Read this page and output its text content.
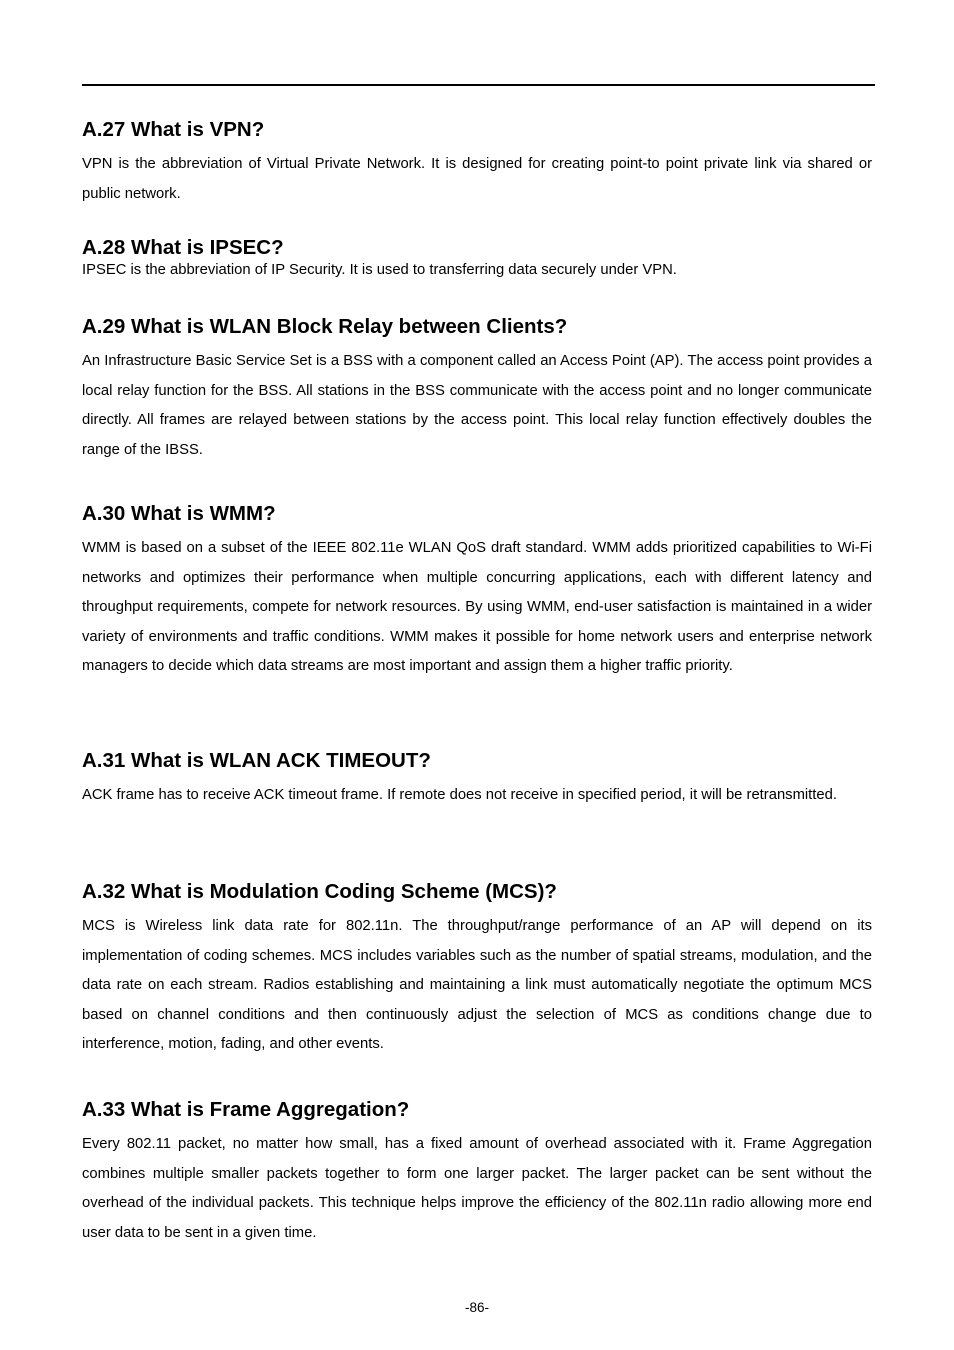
A.27 What is VPN?

VPN is the abbreviation of Virtual Private Network. It is designed for creating point-to point private link via shared or public network.

A.28 What is IPSEC?

IPSEC is the abbreviation of IP Security. It is used to transferring data securely under VPN.

A.29 What is WLAN Block Relay between Clients?

An Infrastructure Basic Service Set is a BSS with a component called an Access Point (AP). The access point provides a local relay function for the BSS. All stations in the BSS communicate with the access point and no longer communicate directly. All frames are relayed between stations by the access point. This local relay function effectively doubles the range of the IBSS.

A.30 What is WMM?

WMM is based on a subset of the IEEE 802.11e WLAN QoS draft standard. WMM adds prioritized capabilities to Wi-Fi networks and optimizes their performance when multiple concurring applications, each with different latency and throughput requirements, compete for network resources. By using WMM, end-user satisfaction is maintained in a wider variety of environments and traffic conditions. WMM makes it possible for home network users and enterprise network managers to decide which data streams are most important and assign them a higher traffic priority.

A.31 What is WLAN ACK TIMEOUT?

ACK frame has to receive ACK timeout frame. If remote does not receive in specified period, it will be retransmitted.

A.32 What is Modulation Coding Scheme (MCS)?

MCS is Wireless link data rate for 802.11n. The throughput/range performance of an AP will depend on its implementation of coding schemes. MCS includes variables such as the number of spatial streams, modulation, and the data rate on each stream. Radios establishing and maintaining a link must automatically negotiate the optimum MCS based on channel conditions and then continuously adjust the selection of MCS as conditions change due to interference, motion, fading, and other events.

A.33 What is Frame Aggregation?

Every 802.11 packet, no matter how small, has a fixed amount of overhead associated with it. Frame Aggregation combines multiple smaller packets together to form one larger packet. The larger packet can be sent without the overhead of the individual packets. This technique helps improve the efficiency of the 802.11n radio allowing more end user data to be sent in a given time.

-86-
